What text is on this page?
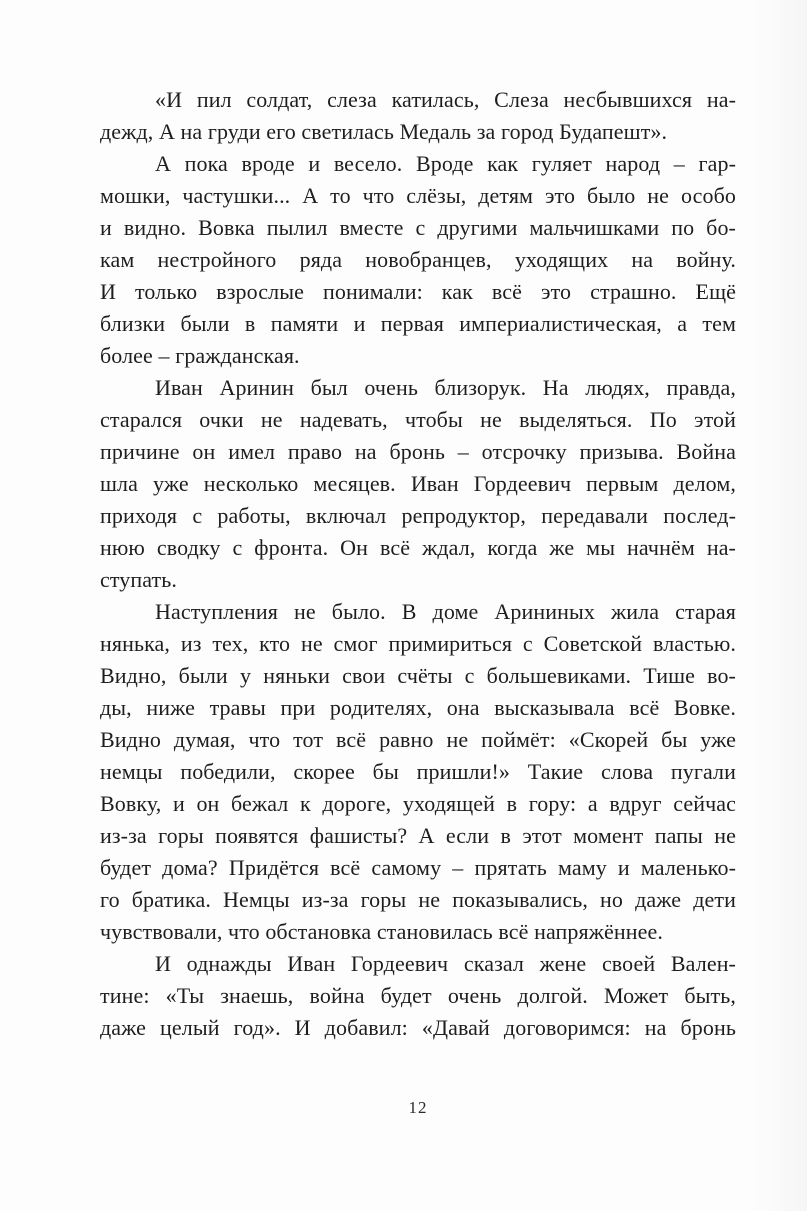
«И пил солдат, слеза катилась, Слеза несбывшихся на-
дежд, А на груди его светилась Медаль за город Будапешт».
А пока вроде и весело. Вроде как гуляет народ – гар-
мошки, частушки... А то что слёзы, детям это было не особо
и видно. Вовка пылил вместе с другими мальчишками по бо-
кам нестройного ряда новобранцев, уходящих на войну.
И только взрослые понимали: как всё это страшно. Ещё
близки были в памяти и первая империалистическая, а тем
более – гражданская.
Иван Аринин был очень близорук. На людях, правда,
старался очки не надевать, чтобы не выделяться. По этой
причине он имел право на бронь – отсрочку призыва. Война
шла уже несколько месяцев. Иван Гордеевич первым делом,
приходя с работы, включал репродуктор, передавали послед-
нюю сводку с фронта. Он всё ждал, когда же мы начнём на-
ступать.
Наступления не было. В доме Арининых жила старая
нянька, из тех, кто не смог примириться с Советской властью.
Видно, были у няньки свои счёты с большевиками. Тише во-
ды, ниже травы при родителях, она высказывала всё Вовке.
Видно думая, что тот всё равно не поймёт: «Скорей бы уже
немцы победили, скорее бы пришли!» Такие слова пугали
Вовку, и он бежал к дороге, уходящей в гору: а вдруг сейчас
из-за горы появятся фашисты? А если в этот момент папы не
будет дома? Придётся всё самому – прятать маму и маленько-
го братика. Немцы из-за горы не показывались, но даже дети
чувствовали, что обстановка становилась всё напряжённее.
И однажды Иван Гордеевич сказал жене своей Вален-
тине: «Ты знаешь, война будет очень долгой. Может быть,
даже целый год». И добавил: «Давай договоримся: на бронь
12
